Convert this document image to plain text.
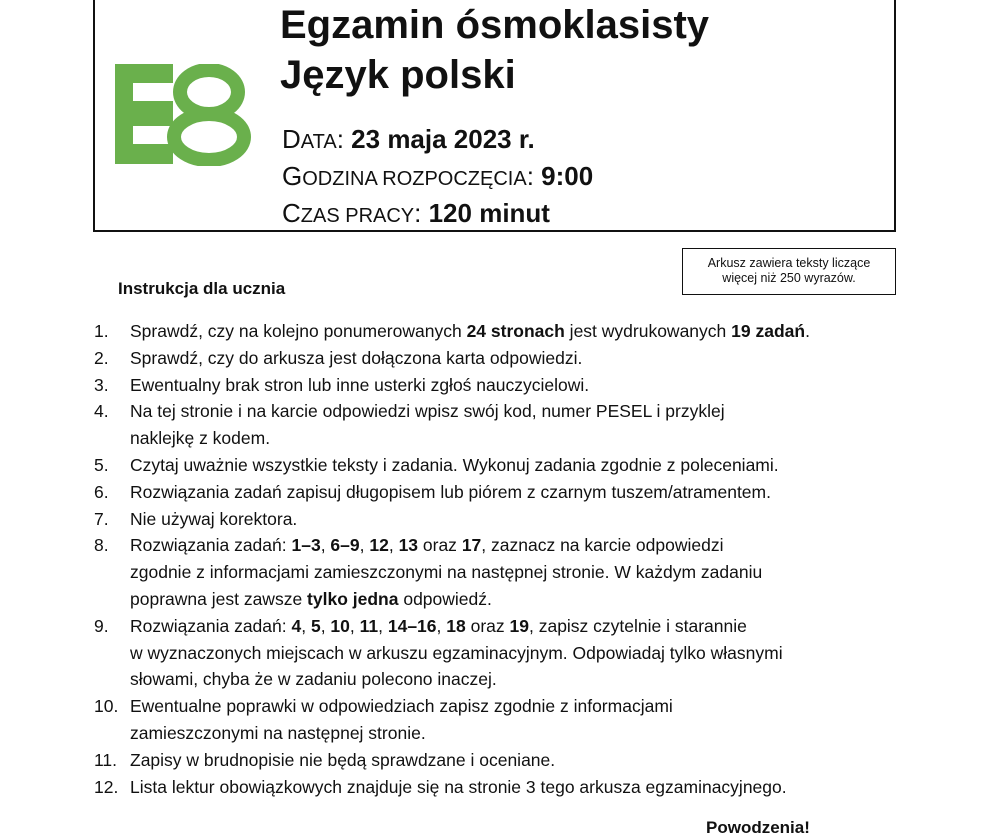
Egzamin ósmoklasisty
Język polski
DATA: 23 maja 2023 r.
GODZINA ROZPOCZĘCIA: 9:00
CZAS PRACY: 120 minut
Arkusz zawiera teksty liczące
więcej niż 250 wyrazów.
Instrukcja dla ucznia
1.	Sprawdź, czy na kolejno ponumerowanych 24 stronach jest wydrukowanych 19 zadań.
2.	Sprawdź, czy do arkusza jest dołączona karta odpowiedzi.
3.	Ewentualny brak stron lub inne usterki zgłoś nauczycielowi.
4.	Na tej stronie i na karcie odpowiedzi wpisz swój kod, numer PESEL i przyklej
naklejkę z kodem.
5.	Czytaj uważnie wszystkie teksty i zadania. Wykonuj zadania zgodnie z poleceniami.
6.	Rozwiązania zadań zapisuj długopisem lub piórem z czarnym tuszem/atramentem.
7.	Nie używaj korektora.
8.	Rozwiązania zadań: 1–3, 6–9, 12, 13 oraz 17, zaznacz na karcie odpowiedzi
zgodnie z informacjami zamieszczonymi na następnej stronie. W każdym zadaniu
poprawna jest zawsze tylko jedna odpowiedź.
9.	Rozwiązania zadań: 4, 5, 10, 11, 14–16, 18 oraz 19, zapisz czytelnie i starannie
w wyznaczonych miejscach w arkuszu egzaminacyjnym. Odpowiadaj tylko własnymi
słowami, chyba że w zadaniu polecono inaczej.
10. Ewentualne poprawki w odpowiedziach zapisz zgodnie z informacjami
zamieszczonymi na następnej stronie.
11. Zapisy w brudnopisie nie będą sprawdzane i oceniane.
12. Lista lektur obowiązkowych znajduje się na stronie 3 tego arkusza egzaminacyjnego.
Powodzenia!
